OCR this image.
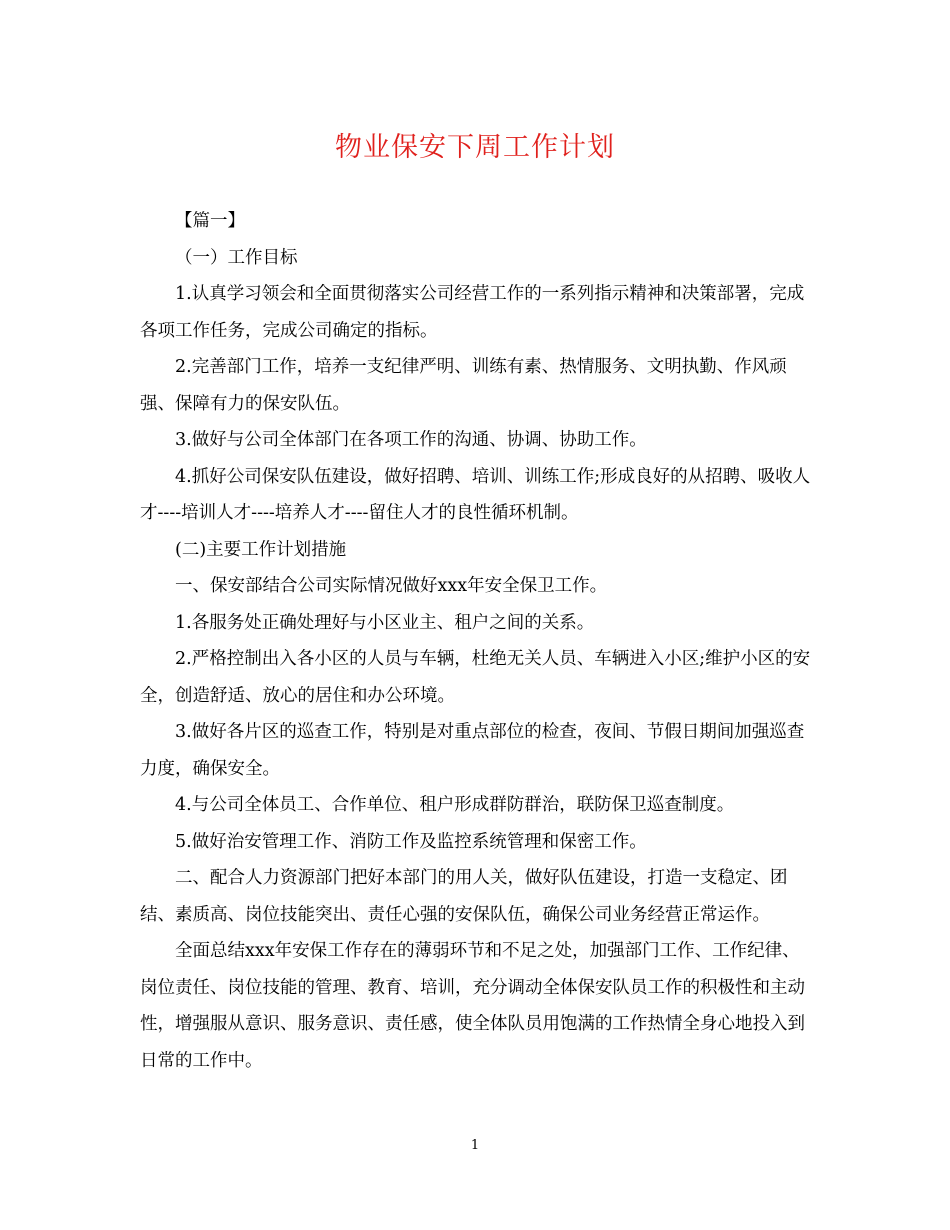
物业保安下周工作计划

【篇一】

（一）工作目标

1.认真学习领会和全面贯彻落实公司经营工作的一系列指示精神和决策部署，完成各项工作任务，完成公司确定的指标。

2.完善部门工作，培养一支纪律严明、训练有素、热情服务、文明执勤、作风顽强、保障有力的保安队伍。

3.做好与公司全体部门在各项工作的沟通、协调、协助工作。

4.抓好公司保安队伍建设，做好招聘、培训、训练工作;形成良好的从招聘、吸收人才----培训人才----培养人才----留住人才的良性循环机制。

(二)主要工作计划措施

一、保安部结合公司实际情况做好xxx年安全保卫工作。

1.各服务处正确处理好与小区业主、租户之间的关系。

2.严格控制出入各小区的人员与车辆，杜绝无关人员、车辆进入小区;维护小区的安全，创造舒适、放心的居住和办公环境。

3.做好各片区的巡查工作，特别是对重点部位的检查，夜间、节假日期间加强巡查力度，确保安全。

4.与公司全体员工、合作单位、租户形成群防群治，联防保卫巡查制度。

5.做好治安管理工作、消防工作及监控系统管理和保密工作。

二、配合人力资源部门把好本部门的用人关，做好队伍建设，打造一支稳定、团结、素质高、岗位技能突出、责任心强的安保队伍，确保公司业务经营正常运作。

全面总结xxx年安保工作存在的薄弱环节和不足之处，加强部门工作、工作纪律、岗位责任、岗位技能的管理、教育、培训，充分调动全体保安队员工作的积极性和主动性，增强服从意识、服务意识、责任感，使全体队员用饱满的工作热情全身心地投入到日常的工作中。

1
